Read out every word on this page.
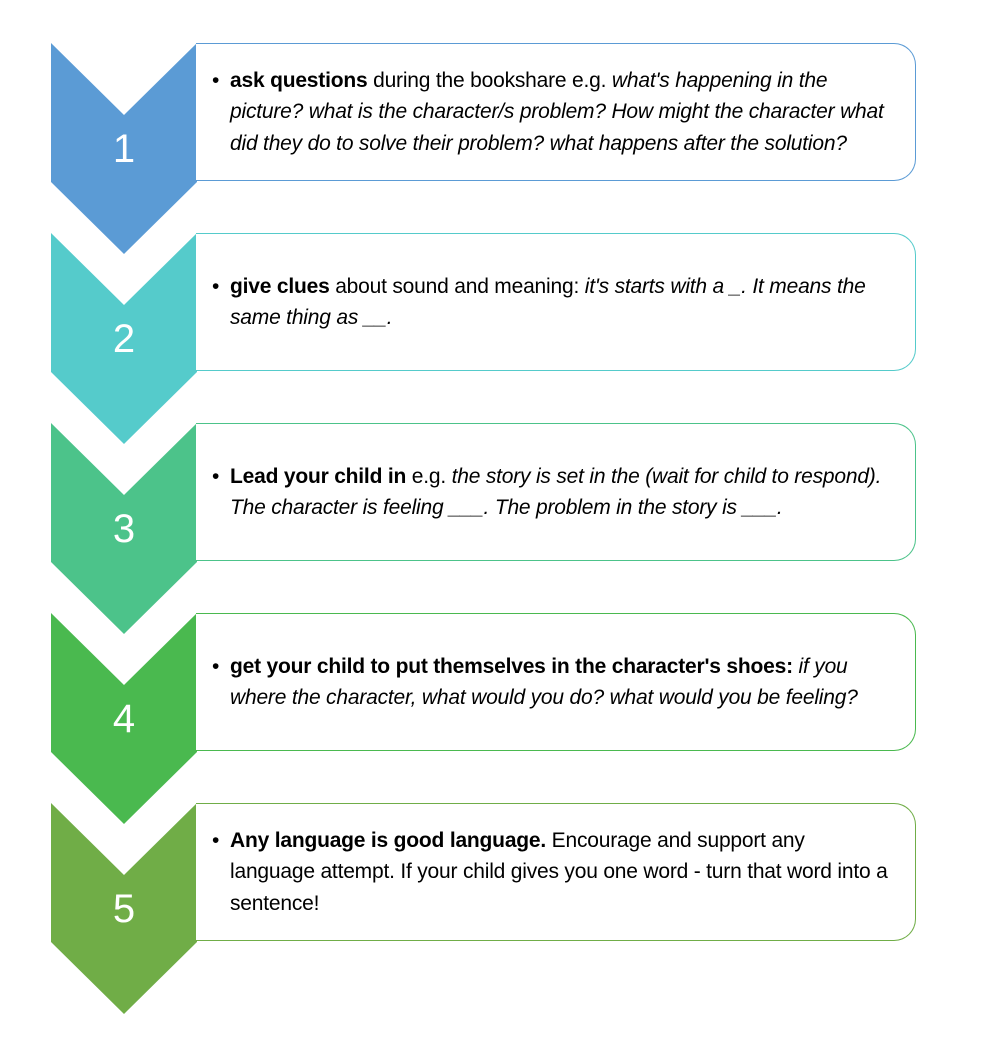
1
• ask questions during the bookshare e.g. what's happening in the picture? what is the character/s problem? How might the character what did they do to solve their problem? what happens after the solution?
2
• give clues about sound and meaning: it's starts with a _. It means the same thing as __.
3
• Lead your child in e.g. the story is set in the (wait for child to respond). The character is feeling ___. The problem in the story is ___.
4
• get your child to put themselves in the character's shoes: if you where the character, what would you do? what would you be feeling?
5
• Any language is good language. Encourage and support any language attempt. If your child gives you one word - turn that word into a sentence!
